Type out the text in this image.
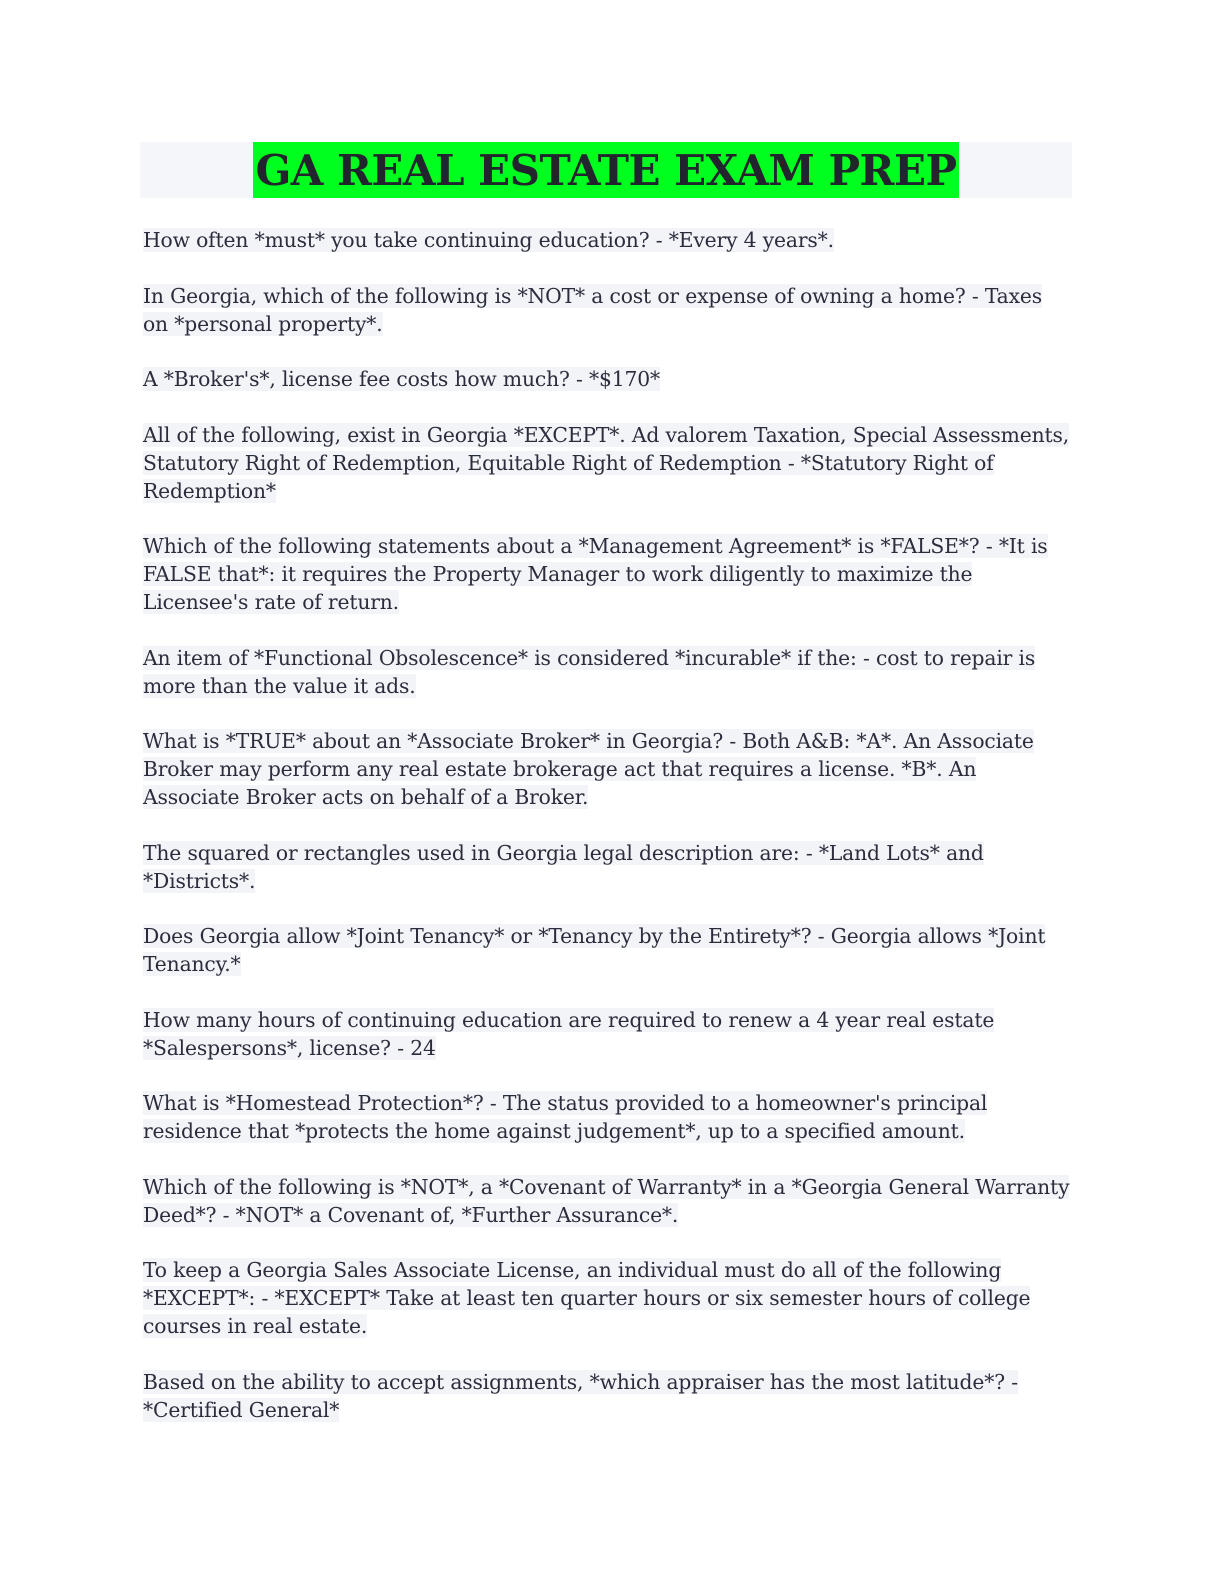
GA REAL ESTATE EXAM PREP

How often *must* you take continuing education? - *Every 4 years*.

In Georgia, which of the following is *NOT* a cost or expense of owning a home? - Taxes on *personal property*.

A *Broker's*, license fee costs how much? - *$170*

All of the following, exist in Georgia *EXCEPT*. Ad valorem Taxation, Special Assessments, Statutory Right of Redemption, Equitable Right of Redemption - *Statutory Right of Redemption*

Which of the following statements about a *Management Agreement* is *FALSE*? - *It is FALSE that*: it requires the Property Manager to work diligently to maximize the Licensee's rate of return.

An item of *Functional Obsolescence* is considered *incurable* if the: - cost to repair is more than the value it ads.

What is *TRUE* about an *Associate Broker* in Georgia? - Both A&B: *A*. An Associate Broker may perform any real estate brokerage act that requires a license. *B*. An Associate Broker acts on behalf of a Broker.

The squared or rectangles used in Georgia legal description are: - *Land Lots* and *Districts*.

Does Georgia allow *Joint Tenancy* or *Tenancy by the Entirety*? - Georgia allows *Joint Tenancy.*

How many hours of continuing education are required to renew a 4 year real estate *Salespersons*, license? - 24

What is *Homestead Protection*? - The status provided to a homeowner's principal residence that *protects the home against judgement*, up to a specified amount.

Which of the following is *NOT*, a *Covenant of Warranty* in a *Georgia General Warranty Deed*? - *NOT* a Covenant of, *Further Assurance*.

To keep a Georgia Sales Associate License, an individual must do all of the following *EXCEPT*: - *EXCEPT* Take at least ten quarter hours or six semester hours of college courses in real estate.

Based on the ability to accept assignments, *which appraiser has the most latitude*? - *Certified General*
